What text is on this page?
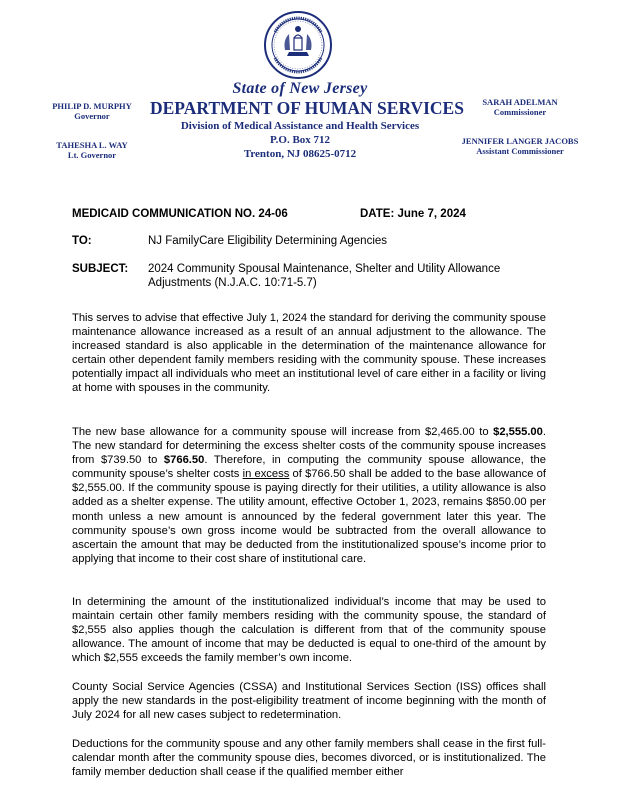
PHILIP D. MURPHY
Governor
TAHESHA L. WAY
Lt. Governor
State of New Jersey
DEPARTMENT OF HUMAN SERVICES
Division of Medical Assistance and Health Services
P.O. Box 712
Trenton, NJ 08625-0712
SARAH ADELMAN
Commissioner
JENNIFER LANGER JACOBS
Assistant Commissioner
MEDICAID COMMUNICATION NO. 24-06	DATE: June 7, 2024
TO:	NJ FamilyCare Eligibility Determining Agencies
SUBJECT: 2024 Community Spousal Maintenance, Shelter and Utility Allowance
Adjustments (N.J.A.C. 10:71-5.7)
This serves to advise that effective July 1, 2024 the standard for deriving the community spouse maintenance allowance increased as a result of an annual adjustment to the allowance. The increased standard is also applicable in the determination of the maintenance allowance for certain other dependent family members residing with the community spouse. These increases potentially impact all individuals who meet an institutional level of care either in a facility or living at home with spouses in the community.
The new base allowance for a community spouse will increase from $2,465.00 to $2,555.00. The new standard for determining the excess shelter costs of the community spouse increases from $739.50 to $766.50. Therefore, in computing the community spouse allowance, the community spouse’s shelter costs in excess of $766.50 shall be added to the base allowance of $2,555.00. If the community spouse is paying directly for their utilities, a utility allowance is also added as a shelter expense. The utility amount, effective October 1, 2023, remains $850.00 per month unless a new amount is announced by the federal government later this year. The community spouse’s own gross income would be subtracted from the overall allowance to ascertain the amount that may be deducted from the institutionalized spouse’s income prior to applying that income to their cost share of institutional care.
In determining the amount of the institutionalized individual’s income that may be used to maintain certain other family members residing with the community spouse, the standard of $2,555 also applies though the calculation is different from that of the community spouse allowance. The amount of income that may be deducted is equal to one-third of the amount by which $2,555 exceeds the family member’s own income.
County Social Service Agencies (CSSA) and Institutional Services Section (ISS) offices shall apply the new standards in the post-eligibility treatment of income beginning with the month of July 2024 for all new cases subject to redetermination.
Deductions for the community spouse and any other family members shall cease in the first full-calendar month after the community spouse dies, becomes divorced, or is institutionalized. The family member deduction shall cease if the qualified member either
